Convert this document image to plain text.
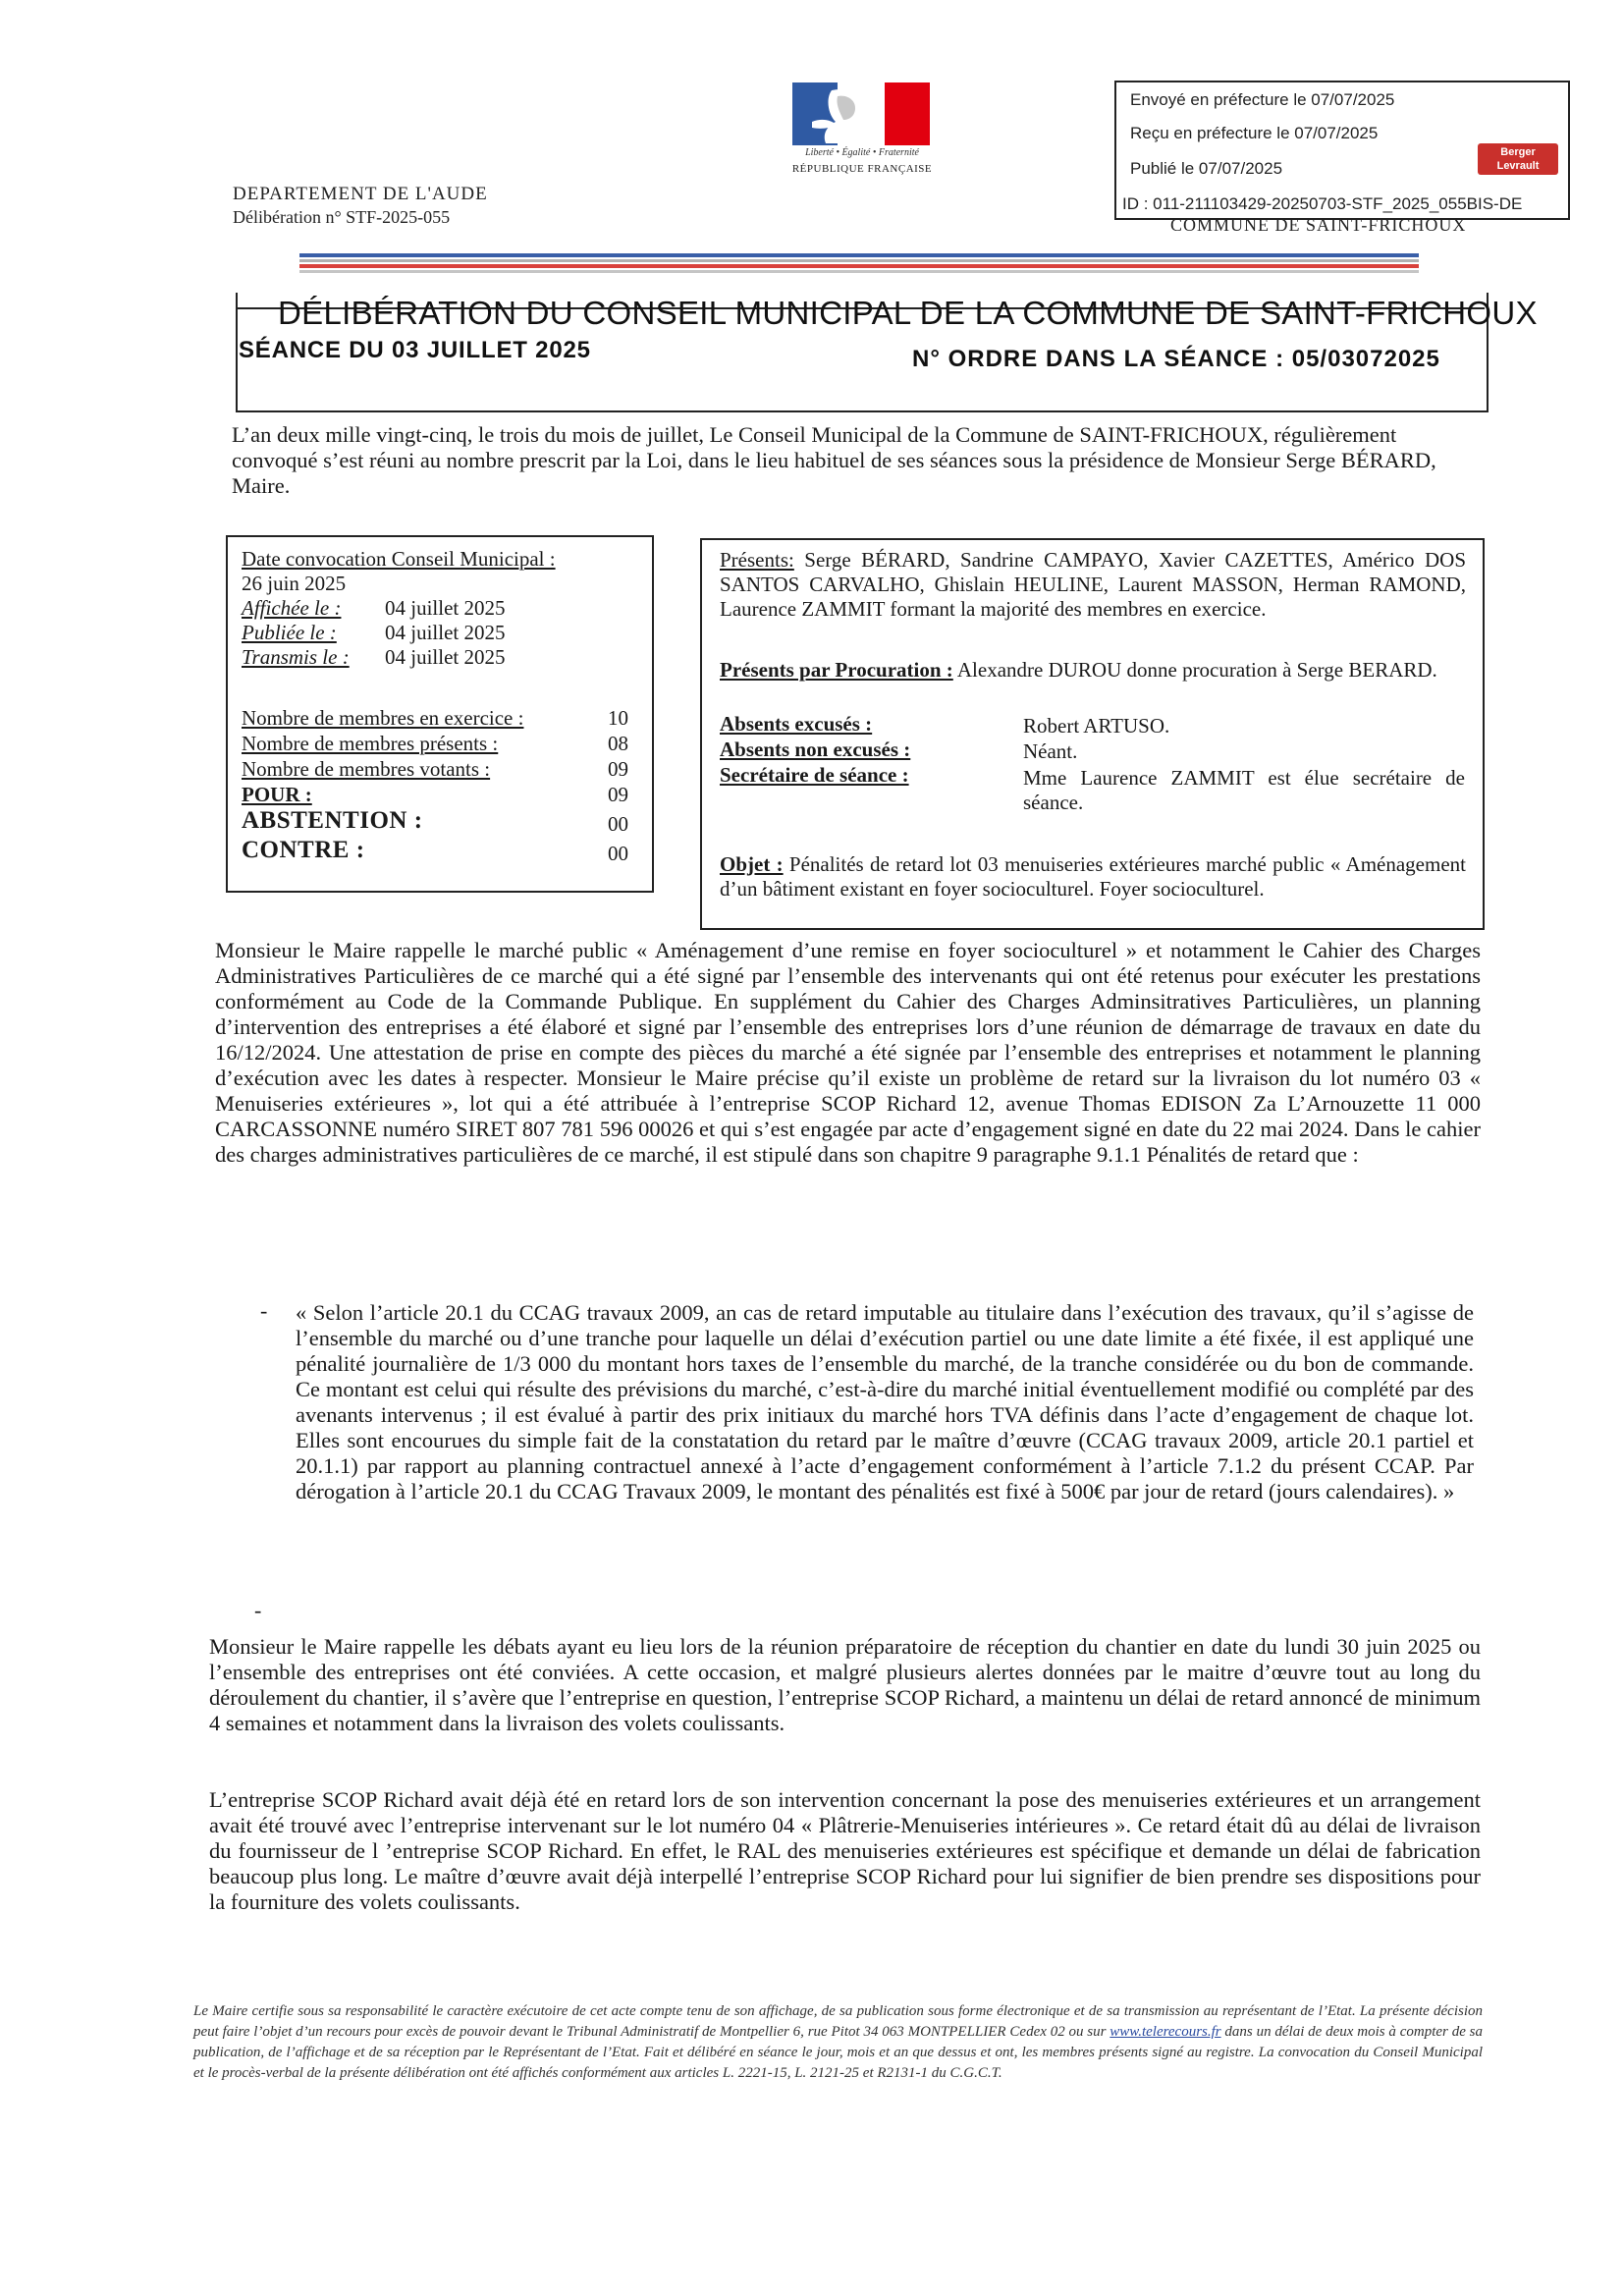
Envoyé en préfecture le 07/07/2025
Reçu en préfecture le 07/07/2025
Publié le 07/07/2025
ID : 011-211103429-20250703-STF_2025_055BIS-DE
Berger
Levrault
Liberté • Égalité • Fraternité
RÉPUBLIQUE FRANÇAISE
DEPARTEMENT DE L'AUDE
Délibération n° STF-2025-055	COMMUNE DE SAINT-FRICHOUX
DÉLIBÉRATION DU CONSEIL MUNICIPAL DE LA COMMUNE DE SAINT-FRICHOUX
SÉANCE DU 03 JUILLET 2025	N° ORDRE DANS LA SÉANCE : 05/03072025
L’an deux mille vingt-cinq, le trois du mois de juillet, Le Conseil Municipal de la Commune de SAINT-FRICHOUX, régulièrement convoqué s’est réuni au nombre prescrit par la Loi, dans le lieu habituel de ses séances sous la présidence de Monsieur Serge BÉRARD, Maire.
Date convocation Conseil Municipal :
26 juin 2025
Affichée le : 04 juillet 2025
Publiée le : 04 juillet 2025
Transmis le : 04 juillet 2025
Nombre de membres en exercice :	10
Nombre de membres présents :	08
Nombre de membres votants :	09
POUR :	09
ABSTENTION :	00
CONTRE :	00
Présents: Serge BÉRARD, Sandrine CAMPAYO, Xavier CAZETTES, Américo DOS SANTOS CARVALHO, Ghislain HEULINE, Laurent MASSON, Herman RAMOND, Laurence ZAMMIT formant la majorité des membres en exercice.
Présents par Procuration : Alexandre DUROU donne procuration à Serge BERARD.
Absents excusés :	Robert ARTUSO.
Absents non excusés :	Néant.
Secrétaire de séance :	Mme Laurence ZAMMIT est élue secrétaire de séance.
Objet : Pénalités de retard lot 03 menuiseries extérieures marché public « Aménagement d’un bâtiment existant en foyer socioculturel. Foyer socioculturel.
Monsieur le Maire rappelle le marché public « Aménagement d’une remise en foyer socioculturel » et notamment le Cahier des Charges Administratives Particulières de ce marché qui a été signé par l’ensemble des intervenants qui ont été retenus pour exécuter les prestations conformément au Code de la Commande Publique. En supplément du Cahier des Charges Adminsitratives Particulières, un planning d’intervention des entreprises a été élaboré et signé par l’ensemble des entreprises lors d’une réunion de démarrage de travaux en date du 16/12/2024. Une attestation de prise en compte des pièces du marché a été signée par l’ensemble des entreprises et notamment le planning d’exécution avec les dates à respecter. Monsieur le Maire précise qu’il existe un problème de retard sur la livraison du lot numéro 03 « Menuiseries extérieures », lot qui a été attribuée à l’entreprise SCOP Richard 12, avenue Thomas EDISON Za L’Arnouzette 11 000 CARCASSONNE numéro SIRET 807 781 596 00026 et qui s’est engagée par acte d’engagement signé en date du 22 mai 2024. Dans le cahier des charges administratives particulières de ce marché, il est stipulé dans son chapitre 9 paragraphe 9.1.1 Pénalités de retard que :
- « Selon l’article 20.1 du CCAG travaux 2009, an cas de retard imputable au titulaire dans l’exécution des travaux, qu’il s’agisse de l’ensemble du marché ou d’une tranche pour laquelle un délai d’exécution partiel ou une date limite a été fixée, il est appliqué une pénalité journalière de 1/3 000 du montant hors taxes de l’ensemble du marché, de la tranche considérée ou du bon de commande. Ce montant est celui qui résulte des prévisions du marché, c’est-à-dire du marché initial éventuellement modifié ou complété par des avenants intervenus ; il est évalué à partir des prix initiaux du marché hors TVA définis dans l’acte d’engagement de chaque lot. Elles sont encourues du simple fait de la constatation du retard par le maître d’œuvre (CCAG travaux 2009, article 20.1 partiel et 20.1.1) par rapport au planning contractuel annexé à l’acte d’engagement conformément à l’article 7.1.2 du présent CCAP. Par dérogation à l’article 20.1 du CCAG Travaux 2009, le montant des pénalités est fixé à 500€ par jour de retard (jours calendaires). »
-
Monsieur le Maire rappelle les débats ayant eu lieu lors de la réunion préparatoire de réception du chantier en date du lundi 30 juin 2025 ou l’ensemble des entreprises ont été conviées. A cette occasion, et malgré plusieurs alertes données par le maitre d’œuvre tout au long du déroulement du chantier, il s’avère que l’entreprise en question, l’entreprise SCOP Richard, a maintenu un délai de retard annoncé de minimum 4 semaines et notamment dans la livraison des volets coulissants.
L’entreprise SCOP Richard avait déjà été en retard lors de son intervention concernant la pose des menuiseries extérieures et un arrangement avait été trouvé avec l’entreprise intervenant sur le lot numéro 04 « Plâtrerie-Menuiseries intérieures ». Ce retard était dû au délai de livraison du fournisseur de l ’entreprise SCOP Richard. En effet, le RAL des menuiseries extérieures est spécifique et demande un délai de fabrication beaucoup plus long. Le maître d’œuvre avait déjà interpellé l’entreprise SCOP Richard pour lui signifier de bien prendre ses dispositions pour la fourniture des volets coulissants.
Le Maire certifie sous sa responsabilité le caractère exécutoire de cet acte compte tenu de son affichage, de sa publication sous forme électronique et de sa transmission au représentant de l’Etat. La présente décision peut faire l’objet d’un recours pour excès de pouvoir devant le Tribunal Administratif de Montpellier 6, rue Pitot 34 063 MONTPELLIER Cedex 02 ou sur www.telerecours.fr dans un délai de deux mois à compter de sa publication, de l’affichage et de sa réception par le Représentant de l’Etat. Fait et délibéré en séance le jour, mois et an que dessus et ont, les membres présents signé au registre. La convocation du Conseil Municipal et le procès-verbal de la présente délibération ont été affichés conformément aux articles L. 2221-15, L. 2121-25 et R2131-1 du C.G.C.T.
